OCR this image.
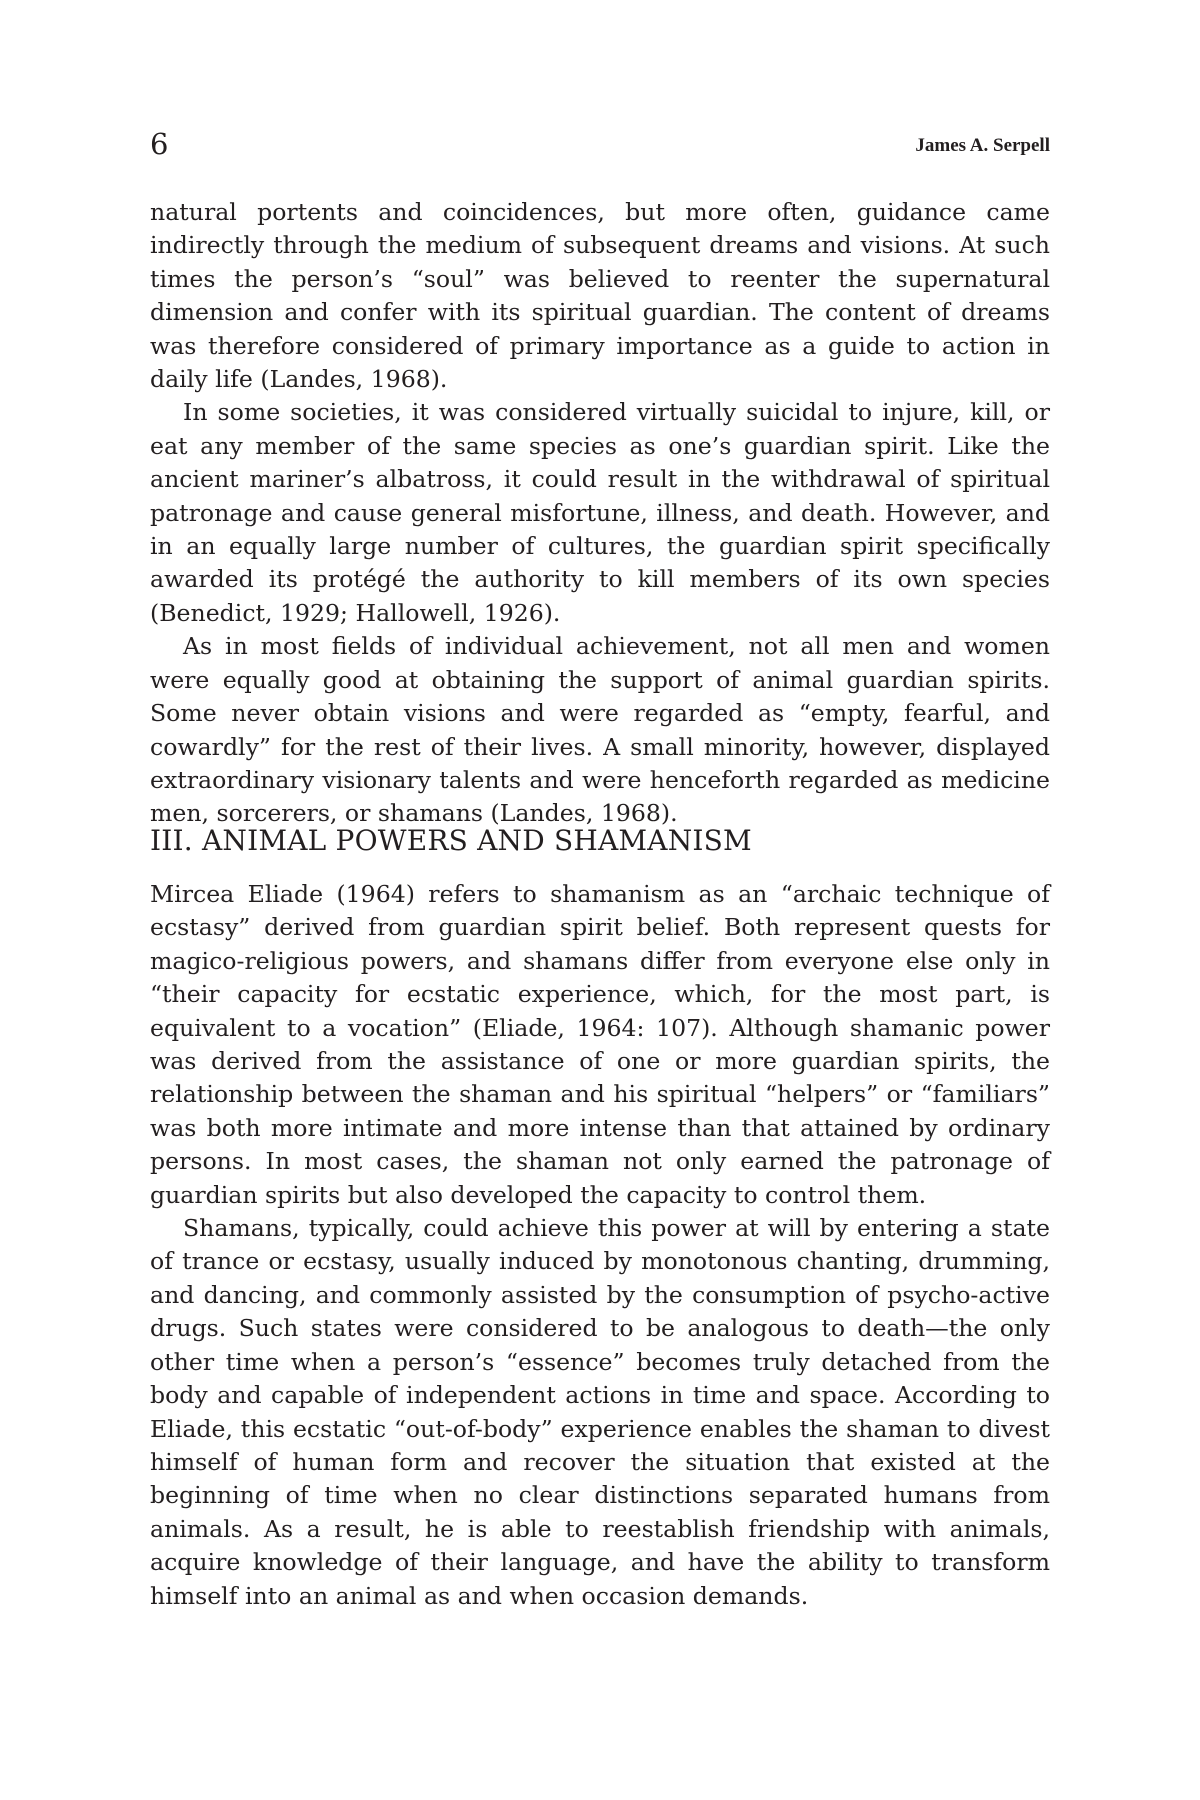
6	James A. Serpell

natural portents and coincidences, but more often, guidance came indirectly through the medium of subsequent dreams and visions. At such times the person’s “soul” was believed to reenter the supernatural dimension and confer with its spiritual guardian. The content of dreams was therefore considered of primary importance as a guide to action in daily life (Landes, 1968).

In some societies, it was considered virtually suicidal to injure, kill, or eat any member of the same species as one’s guardian spirit. Like the ancient mariner’s albatross, it could result in the withdrawal of spiritual patronage and cause general misfortune, illness, and death. However, and in an equally large number of cultures, the guardian spirit specifically awarded its protégé the authority to kill members of its own species (Benedict, 1929; Hallowell, 1926).

As in most fields of individual achievement, not all men and women were equally good at obtaining the support of animal guardian spirits. Some never obtain visions and were regarded as “empty, fearful, and cowardly” for the rest of their lives. A small minority, however, displayed extraordinary visionary talents and were henceforth regarded as medicine men, sorcerers, or shamans (Landes, 1968).

III. ANIMAL POWERS AND SHAMANISM

Mircea Eliade (1964) refers to shamanism as an “archaic technique of ecstasy” derived from guardian spirit belief. Both represent quests for magico-religious powers, and shamans differ from everyone else only in “their capacity for ecstatic experience, which, for the most part, is equivalent to a vocation” (Eliade, 1964: 107). Although shamanic power was derived from the assistance of one or more guardian spirits, the relationship between the shaman and his spiritual “helpers” or “familiars” was both more intimate and more intense than that attained by ordinary persons. In most cases, the shaman not only earned the patronage of guardian spirits but also developed the capacity to control them.

Shamans, typically, could achieve this power at will by entering a state of trance or ecstasy, usually induced by monotonous chanting, drumming, and dancing, and commonly assisted by the consumption of psycho-active drugs. Such states were considered to be analogous to death—the only other time when a person’s “essence” becomes truly detached from the body and capable of independent actions in time and space. According to Eliade, this ecstatic “out-of-body” experience enables the shaman to divest himself of human form and recover the situation that existed at the beginning of time when no clear distinctions separated humans from animals. As a result, he is able to reestablish friendship with animals, acquire knowledge of their language, and have the ability to transform himself into an animal as and when occasion demands.
